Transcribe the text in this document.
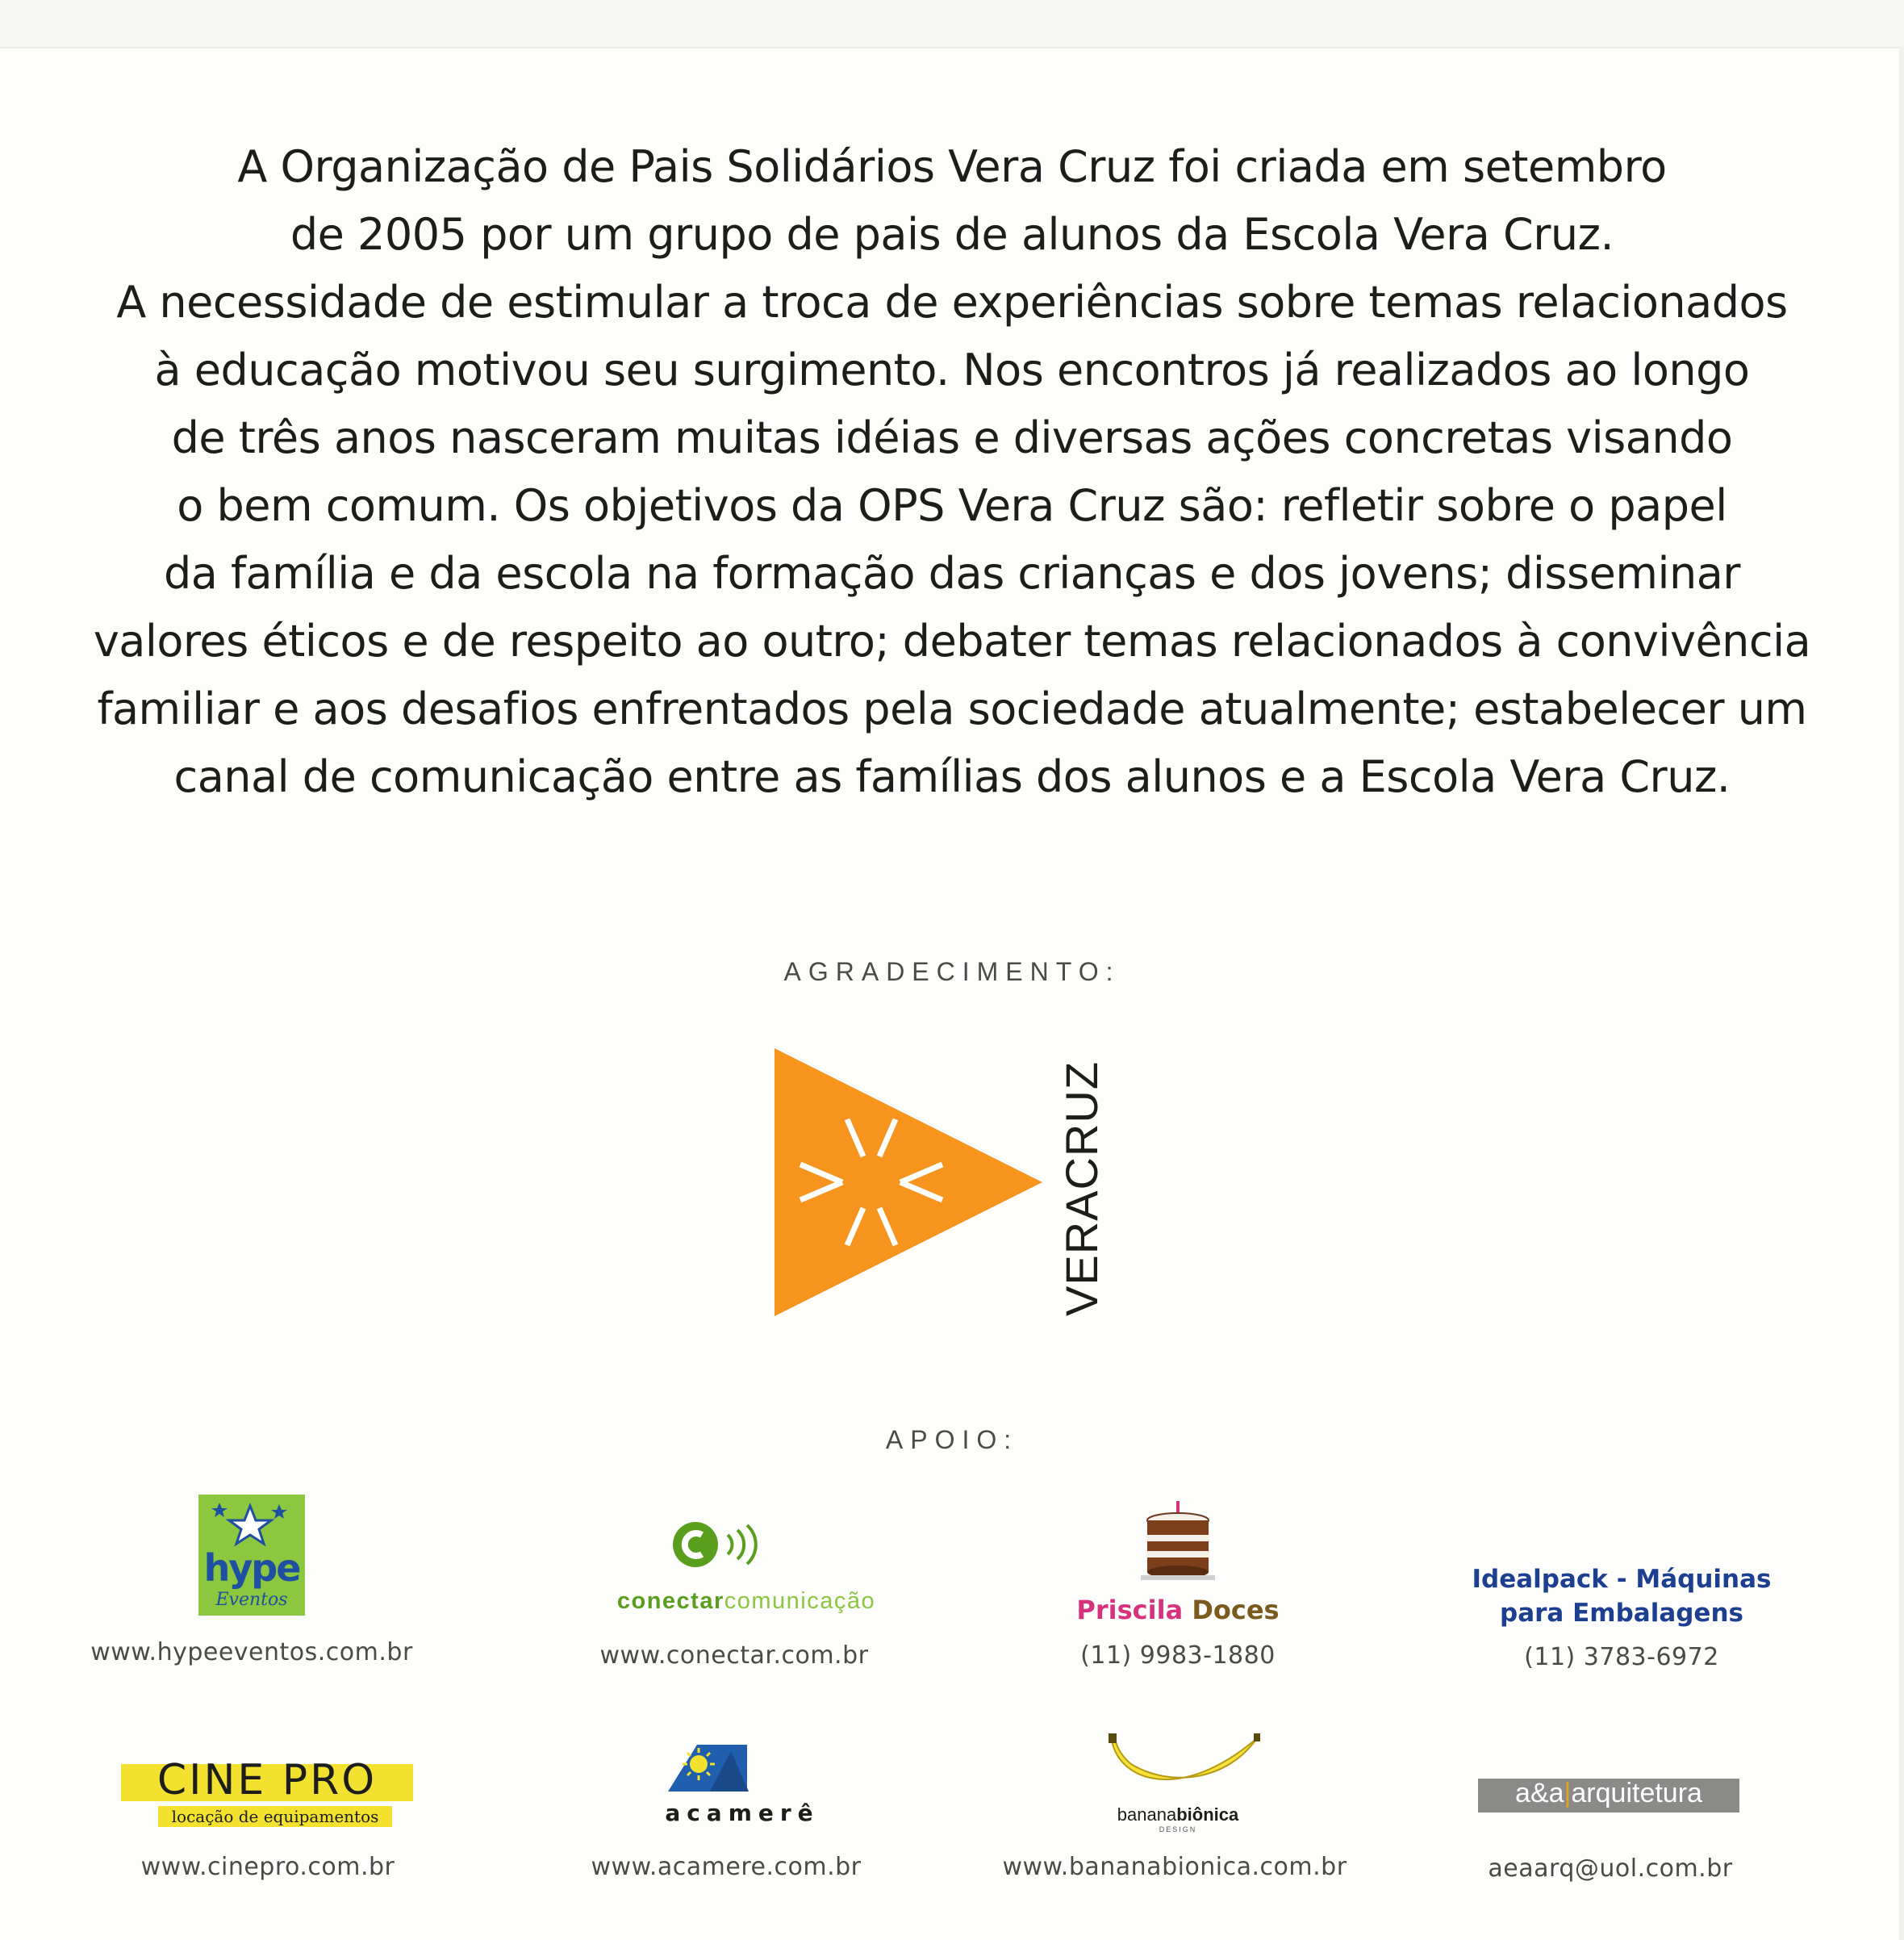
A Organização de Pais Solidários Vera Cruz foi criada em setembro
de 2005 por um grupo de pais de alunos da Escola Vera Cruz.
A necessidade de estimular a troca de experiências sobre temas relacionados
à educação motivou seu surgimento. Nos encontros já realizados ao longo
de três anos nasceram muitas idéias e diversas ações concretas visando
o bem comum. Os objetivos da OPS Vera Cruz são: refletir sobre o papel
da família e da escola na formação das crianças e dos jovens; disseminar
valores éticos e de respeito ao outro; debater temas relacionados à convivência
familiar e aos desafios enfrentados pela sociedade atualmente; estabelecer um
canal de comunicação entre as famílias dos alunos e a Escola Vera Cruz.

AGRADECIMENTO:
VERACRUZ
APOIO:
hype
Eventos
www.hypeeventos.com.br
conectarcomunicação
www.conectar.com.br
Priscila Doces
(11) 9983-1880
Idealpack - Máquinas
para Embalagens
(11) 3783-6972
CINE PRO
locação de equipamentos
www.cinepro.com.br
acamerê
www.acamere.com.br
bananabiônica
DESIGN
www.bananabionica.com.br
a&a|arquitetura
aeaarq@uol.com.br
